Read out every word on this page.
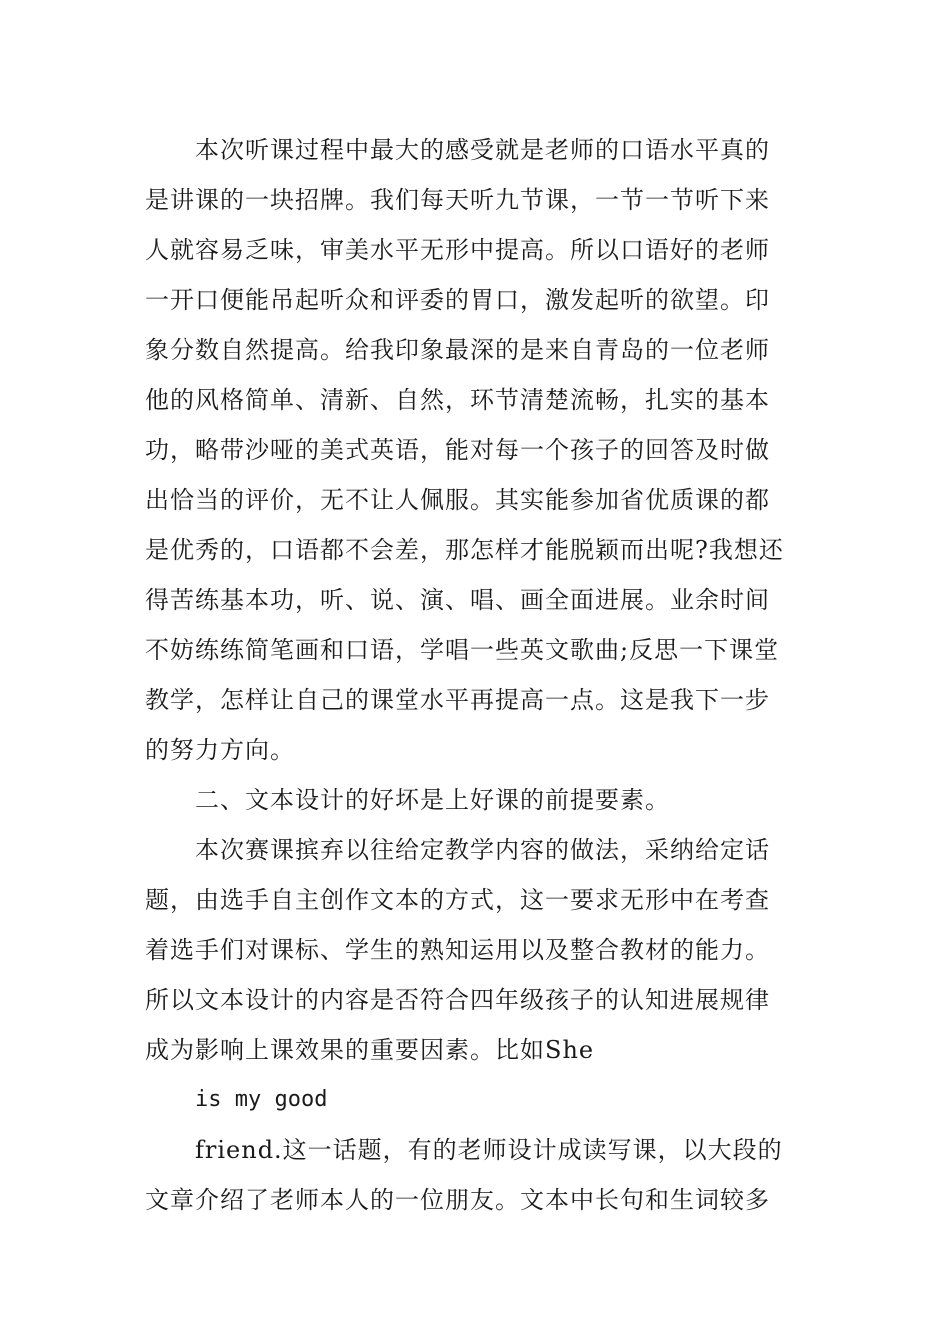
本次听课过程中最大的感受就是老师的口语水平真的
是讲课的一块招牌。我们每天听九节课，一节一节听下来
人就容易乏味，审美水平无形中提高。所以口语好的老师
一开口便能吊起听众和评委的胃口，激发起听的欲望。印
象分数自然提高。给我印象最深的是来自青岛的一位老师
他的风格简单、清新、自然，环节清楚流畅，扎实的基本
功，略带沙哑的美式英语，能对每一个孩子的回答及时做
出恰当的评价，无不让人佩服。其实能参加省优质课的都
是优秀的，口语都不会差，那怎样才能脱颖而出呢?我想还
得苦练基本功，听、说、演、唱、画全面进展。业余时间
不妨练练简笔画和口语，学唱一些英文歌曲;反思一下课堂
教学，怎样让自己的课堂水平再提高一点。这是我下一步
的努力方向。
二、文本设计的好坏是上好课的前提要素。
本次赛课摈弃以往给定教学内容的做法，采纳给定话
题，由选手自主创作文本的方式，这一要求无形中在考查
着选手们对课标、学生的熟知运用以及整合教材的能力。
所以文本设计的内容是否符合四年级孩子的认知进展规律
成为影响上课效果的重要因素。比如She
is my good
friend.这一话题，有的老师设计成读写课，以大段的
文章介绍了老师本人的一位朋友。文本中长句和生词较多
